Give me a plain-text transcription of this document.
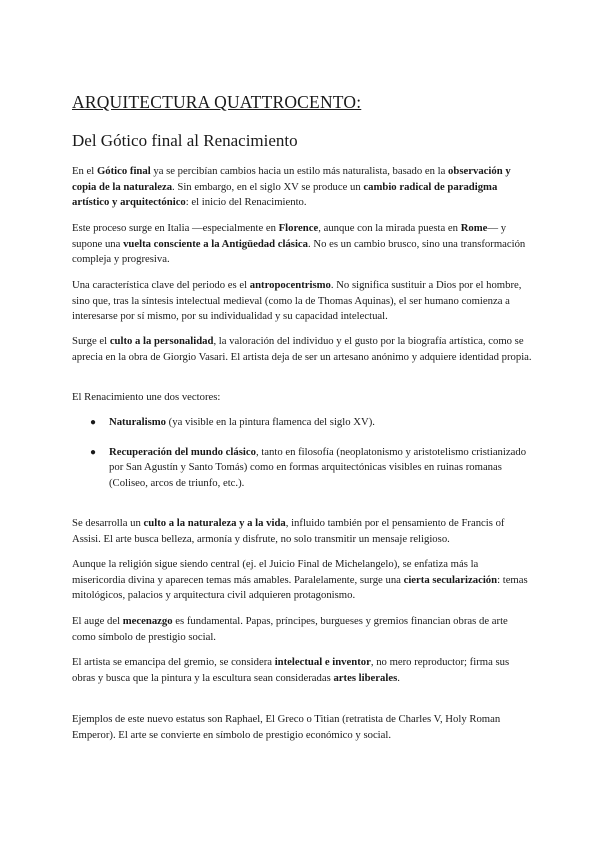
ARQUITECTURA QUATTROCENTO:
Del Gótico final al Renacimiento

En el Gótico final ya se percibían cambios hacia un estilo más naturalista, basado en la observación y copia de la naturaleza. Sin embargo, en el siglo XV se produce un cambio radical de paradigma artístico y arquitectónico: el inicio del Renacimiento.

Este proceso surge en Italia —especialmente en Florence, aunque con la mirada puesta en Rome— y supone una vuelta consciente a la Antigüedad clásica. No es un cambio brusco, sino una transformación compleja y progresiva.

Una característica clave del periodo es el antropocentrismo. No significa sustituir a Dios por el hombre, sino que, tras la síntesis intelectual medieval (como la de Thomas Aquinas), el ser humano comienza a interesarse por sí mismo, por su individualidad y su capacidad intelectual.

Surge el culto a la personalidad, la valoración del individuo y el gusto por la biografía artística, como se aprecia en la obra de Giorgio Vasari. El artista deja de ser un artesano anónimo y adquiere identidad propia.

El Renacimiento une dos vectores:

● Naturalismo (ya visible en la pintura flamenca del siglo XV).
● Recuperación del mundo clásico, tanto en filosofía (neoplatonismo y aristotelismo cristianizado por San Agustín y Santo Tomás) como en formas arquitectónicas visibles en ruinas romanas (Coliseo, arcos de triunfo, etc.).

Se desarrolla un culto a la naturaleza y a la vida, influido también por el pensamiento de Francis of Assisi. El arte busca belleza, armonía y disfrute, no solo transmitir un mensaje religioso.

Aunque la religión sigue siendo central (ej. el Juicio Final de Michelangelo), se enfatiza más la misericordia divina y aparecen temas más amables. Paralelamente, surge una cierta secularización: temas mitológicos, palacios y arquitectura civil adquieren protagonismo.

El auge del mecenazgo es fundamental. Papas, príncipes, burgueses y gremios financian obras de arte como símbolo de prestigio social.

El artista se emancipa del gremio, se considera intelectual e inventor, no mero reproductor; firma sus obras y busca que la pintura y la escultura sean consideradas artes liberales.

Ejemplos de este nuevo estatus son Raphael, El Greco o Titian (retratista de Charles V, Holy Roman Emperor). El arte se convierte en símbolo de prestigio económico y social.
